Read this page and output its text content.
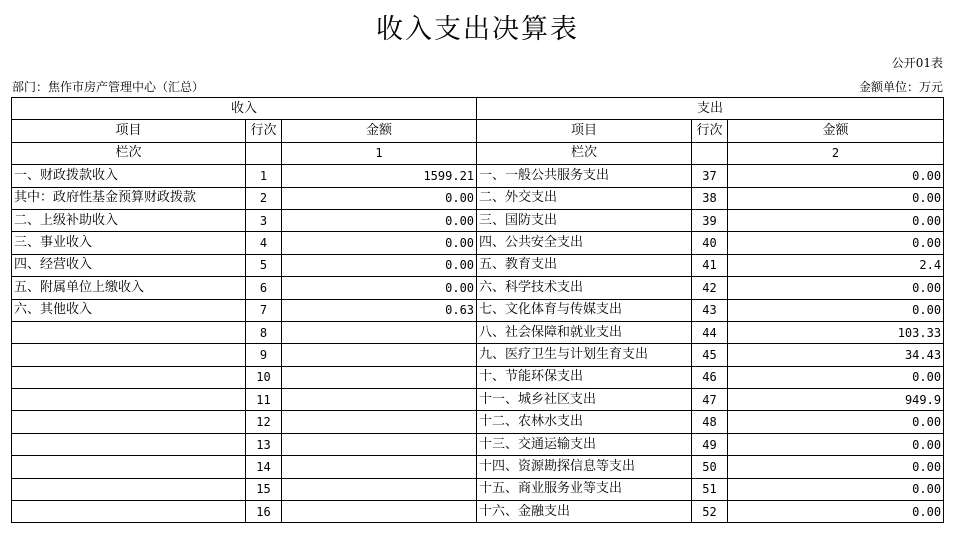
收入支出决算表
公开01表
部门：焦作市房产管理中心（汇总）	金额单位：万元
收入			支出		
项目	行次	金额	项目	行次	金额
栏次		1	栏次		2
一、财政拨款收入	1	1599.21	一、一般公共服务支出	37	0.00
其中：政府性基金预算财政拨款	2	0.00	二、外交支出	38	0.00
二、上级补助收入	3	0.00	三、国防支出	39	0.00
三、事业收入	4	0.00	四、公共安全支出	40	0.00
四、经营收入	5	0.00	五、教育支出	41	2.4
五、附属单位上缴收入	6	0.00	六、科学技术支出	42	0.00
六、其他收入	7	0.63	七、文化体育与传媒支出	43	0.00
	8		八、社会保障和就业支出	44	103.33
	9		九、医疗卫生与计划生育支出	45	34.43
	10		十、节能环保支出	46	0.00
	11		十一、城乡社区支出	47	949.9
	12		十二、农林水支出	48	0.00
	13		十三、交通运输支出	49	0.00
	14		十四、资源勘探信息等支出	50	0.00
	15		十五、商业服务业等支出	51	0.00
	16		十六、金融支出	52	0.00
